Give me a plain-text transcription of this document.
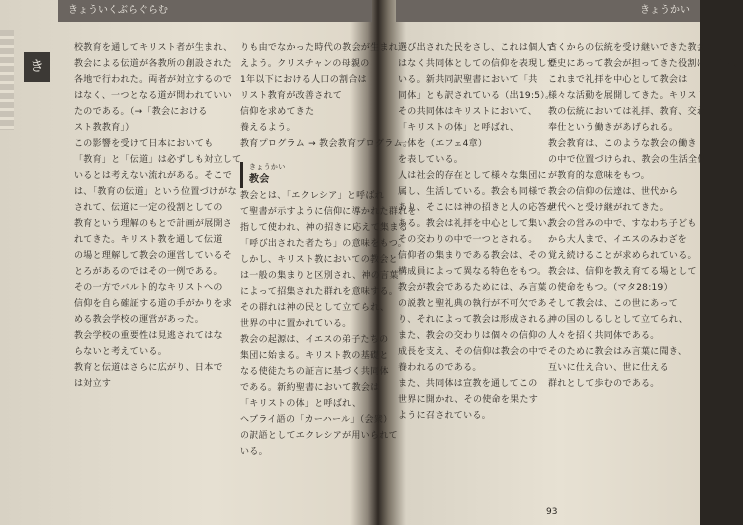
きょういくぶらぐらむ
き
校教育を通してキリスト者が生まれ、
教会による伝道が各教所の創設された
各地で行われた。両者が対立するので
はなく、一つとなる道が問われていい
たのである。（→「教会における
スト教教育」）
この影響を受けて日本においても
「教育」と「伝道」は必ずしも対立して
いるとは考えない流れがある。そこで
は、「教育の伝道」という位置づけがな
されて、伝道に一定の役割としての
教育という理解のもとで計画が展開さ
れてきた。キリスト教を通して伝道
の場と理解して教会の運営しているそ
とろがあるのではその一例である。
その一方でバルト的なキリストへの
信仰を自ら確証する道の手がかりを求
める教会学校の運営があった。
教会学校の重要性は見逃されてはな
らないと考えている。
教育と伝道はさらに広がり、日本で
は対立す
りも由でなかった時代の教会が生まれ
えよう。クリスチャンの母親の
1年以下における人口の割合は
リスト教育が改善されて
信仰を求めてきた
養えるよう。
教育プログラム → 教会教育プログラム。
きょうかい
教会
教会とは、「エクレシア」と呼ばれ
て聖書が示すように信仰に導かれた群れを
指して使われ、神の招きに応えて集まる
「呼び出された者たち」の意味をもつ。
しかし、キリスト教においての教会と
は一般の集まりと区別され、神の言葉
によって招集された群れを意味する。
その群れは神の民として立てられ、
世界の中に置かれている。
教会の起源は、イエスの弟子たちの
集団に始まる。キリスト教の基礎と
なる使徒たちの証言に基づく共同体
である。新約聖書において教会は
「キリストの体」と呼ばれ、
ヘブライ語の「カーハール」（会衆）
の訳語としてエクレシアが用いられて
いる。
きょうかい
選び出された民をさし、これは個人で
はなく共同体としての信仰を表現して
いる。新共同訳聖書において「共
同体」とも訳されている（出19:5）。
その共同体はキリストにおいて、
「キリストの体」と呼ばれ、
一体を（エフェ4章）
を表している。
人は社会的存在として様々な集団に
属し、生活している。教会も同様で
あり、そこには神の招きと人の応答が
ある。教会は礼拝を中心として集い、
その交わりの中で一つとされる。
信仰者の集まりである教会は、その
構成員によって異なる特色をもつ。
教会が教会であるためには、み言葉
の説教と聖礼典の執行が不可欠であ
り、それによって教会は形成される。
また、教会の交わりは個々の信仰の
成長を支え、その信仰は教会の中で
養われるのである。
また、共同体は宣教を通してこの
世界に開かれ、その使命を果たす
ように召されている。
古くからの伝統を受け継いできた教会の
歴史にあって教会が担ってきた役割は大きい。
これまで礼拝を中心として教会は
様々な活動を展開してきた。キリスト
教の伝統においては礼拝、教育、交わり、
奉仕という働きがあげられる。
教会教育は、このような教会の働き
の中で位置づけられ、教会の生活全体
が教育的な意味をもつ。
教会の信仰の伝達は、世代から
世代へと受け継がれてきた。
教会の営みの中で、すなわち子ども
から大人まで、イエスのみわざを
覚え続けることが求められている。
教会は、信仰を教え育てる場として
の使命をもつ。（マタ28:19）
そして教会は、この世にあって
神の国のしるしとして立てられ、
人々を招く共同体である。
そのために教会はみ言葉に聞き、
互いに仕え合い、世に仕える
群れとして歩むのである。
93
